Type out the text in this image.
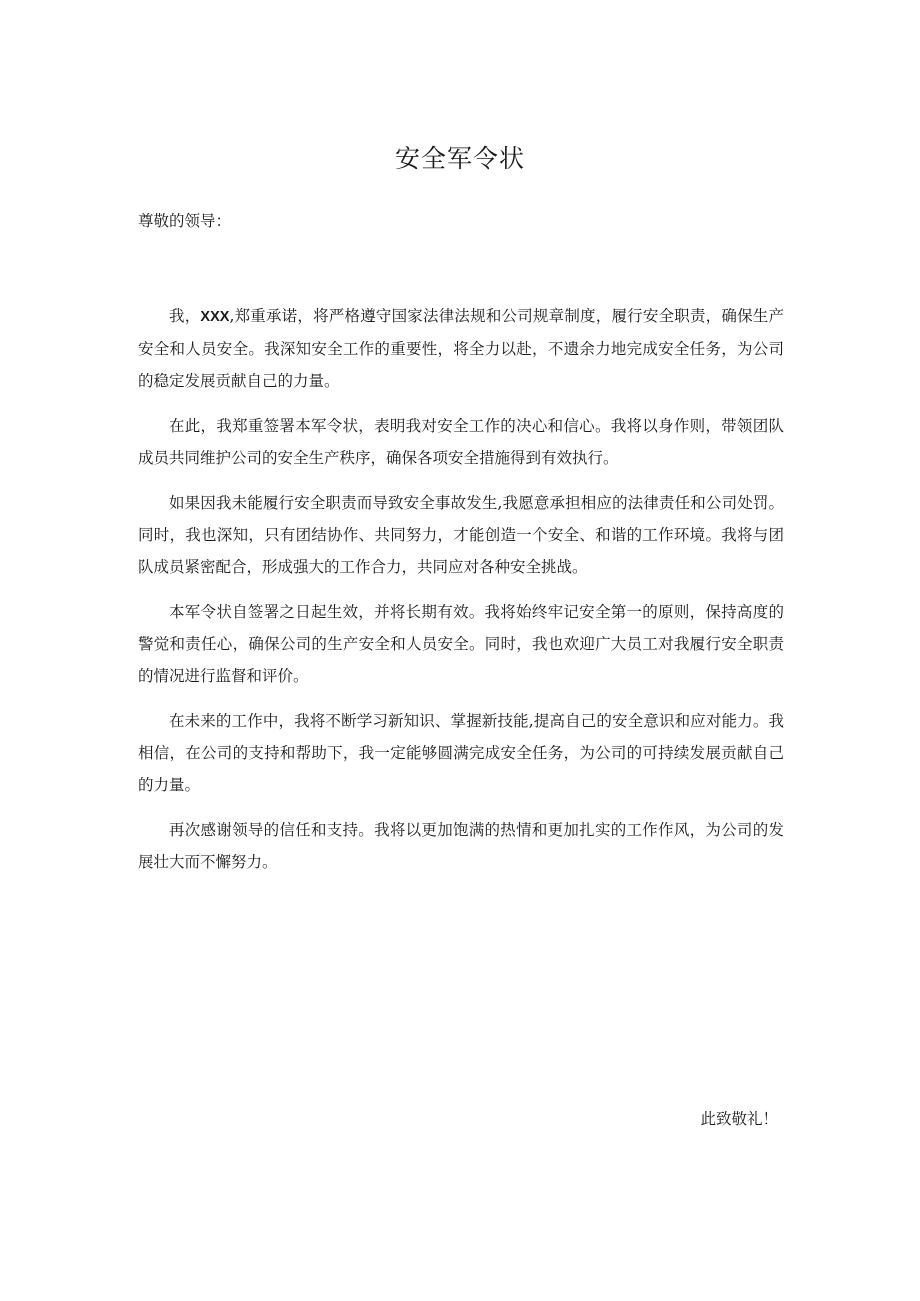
安全军令状
尊敬的领导：

我，XXX,郑重承诺，将严格遵守国家法律法规和公司规章制度，履行安全职责，确保生产安全和人员安全。我深知安全工作的重要性，将全力以赴，不遗余力地完成安全任务，为公司的稳定发展贡献自己的力量。

在此，我郑重签署本军令状，表明我对安全工作的决心和信心。我将以身作则，带领团队成员共同维护公司的安全生产秩序，确保各项安全措施得到有效执行。

如果因我未能履行安全职责而导致安全事故发生,我愿意承担相应的法律责任和公司处罚。同时，我也深知，只有团结协作、共同努力，才能创造一个安全、和谐的工作环境。我将与团队成员紧密配合，形成强大的工作合力，共同应对各种安全挑战。

本军令状自签署之日起生效，并将长期有效。我将始终牢记安全第一的原则，保持高度的警觉和责任心，确保公司的生产安全和人员安全。同时，我也欢迎广大员工对我履行安全职责的情况进行监督和评价。

在未来的工作中，我将不断学习新知识、掌握新技能,提高自己的安全意识和应对能力。我相信，在公司的支持和帮助下，我一定能够圆满完成安全任务，为公司的可持续发展贡献自己的力量。

再次感谢领导的信任和支持。我将以更加饱满的热情和更加扎实的工作作风，为公司的发展壮大而不懈努力。

此致敬礼！
